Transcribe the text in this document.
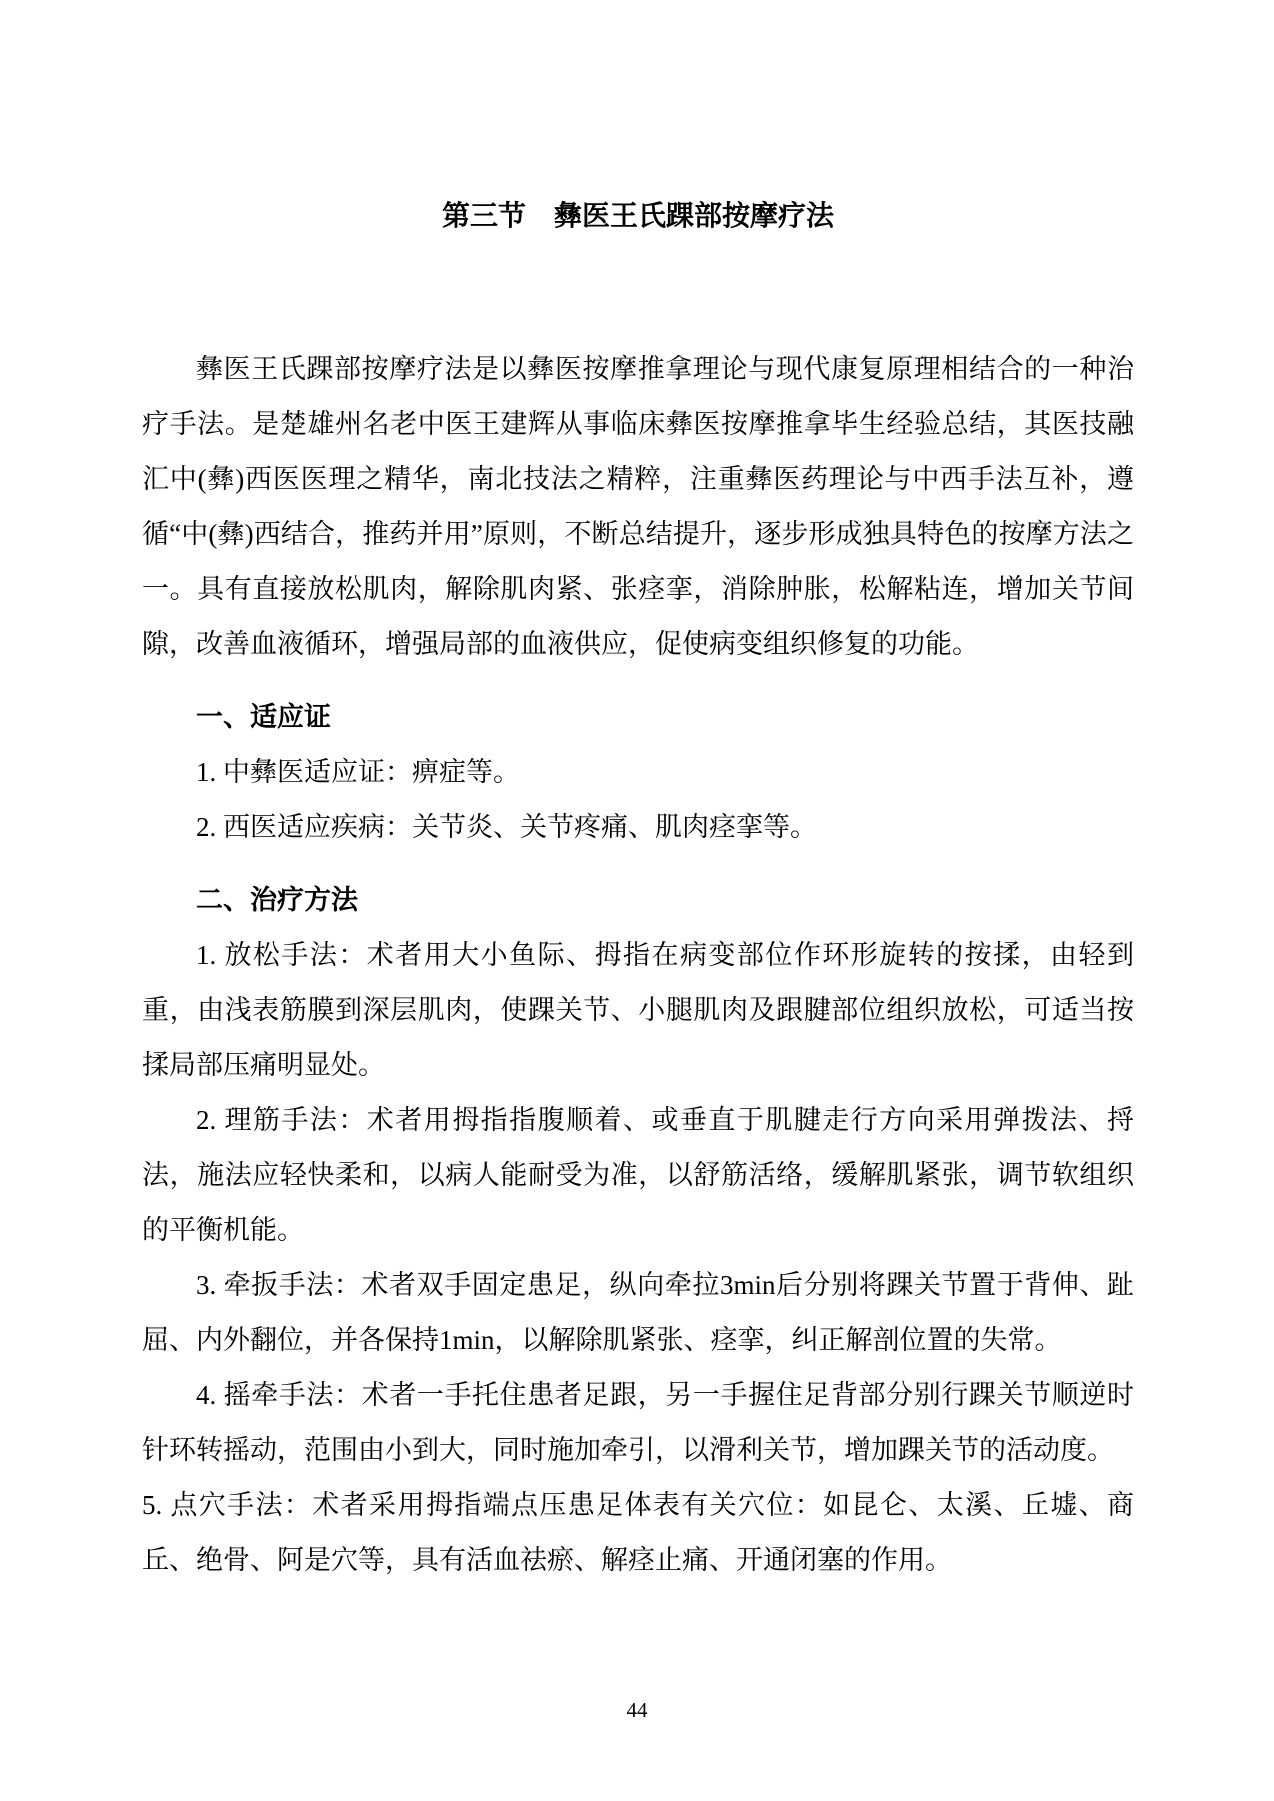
第三节　彝医王氏踝部按摩疗法

彝医王氏踝部按摩疗法是以彝医按摩推拿理论与现代康复原理相结合的一种治疗手法。是楚雄州名老中医王建辉从事临床彝医按摩推拿毕生经验总结，其医技融汇中(彝)西医医理之精华，南北技法之精粹，注重彝医药理论与中西手法互补，遵循“中(彝)西结合，推药并用”原则，不断总结提升，逐步形成独具特色的按摩方法之一。具有直接放松肌肉，解除肌肉紧、张痉挛，消除肿胀，松解粘连，增加关节间隙，改善血液循环，增强局部的血液供应，促使病变组织修复的功能。

一、适应证

1. 中彝医适应证：痹症等。

2. 西医适应疾病：关节炎、关节疼痛、肌肉痉挛等。

二、治疗方法

1. 放松手法：术者用大小鱼际、拇指在病变部位作环形旋转的按揉，由轻到重，由浅表筋膜到深层肌肉，使踝关节、小腿肌肉及跟腱部位组织放松，可适当按揉局部压痛明显处。

2. 理筋手法：术者用拇指指腹顺着、或垂直于肌腱走行方向采用弹拨法、捋法，施法应轻快柔和，以病人能耐受为准，以舒筋活络，缓解肌紧张，调节软组织的平衡机能。

3. 牵扳手法：术者双手固定患足，纵向牵拉3min后分别将踝关节置于背伸、趾屈、内外翻位，并各保持1min，以解除肌紧张、痉挛，纠正解剖位置的失常。

4. 摇牵手法：术者一手托住患者足跟，另一手握住足背部分别行踝关节顺逆时针环转摇动，范围由小到大，同时施加牵引，以滑利关节，增加踝关节的活动度。

5. 点穴手法：术者采用拇指端点压患足体表有关穴位：如昆仑、太溪、丘墟、商丘、绝骨、阿是穴等，具有活血祛瘀、解痉止痛、开通闭塞的作用。

44
